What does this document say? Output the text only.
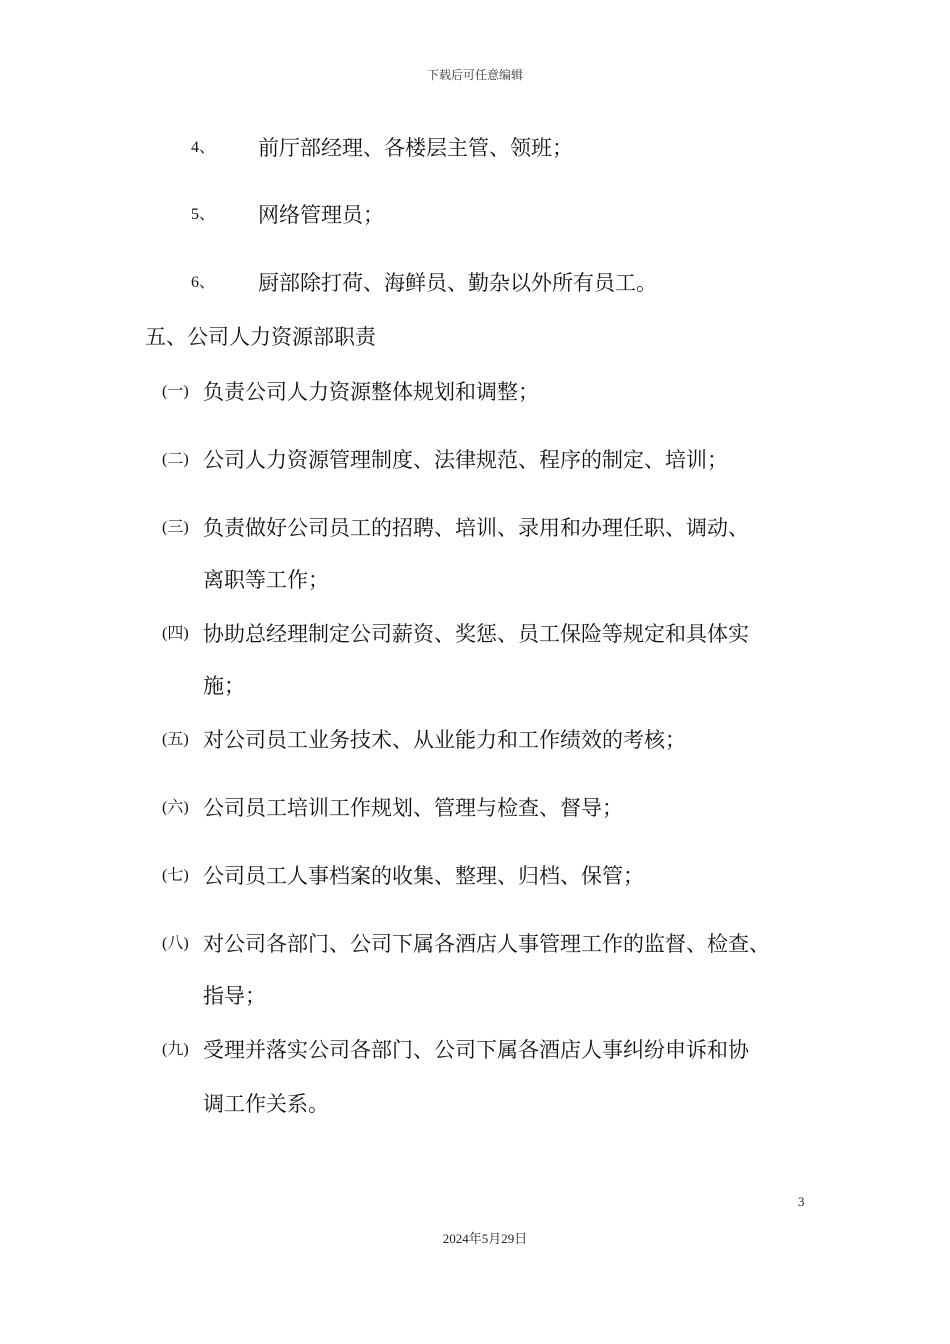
下载后可任意编辑
4、 前厅部经理、各楼层主管、领班；
5、 网络管理员；
6、 厨部除打荷、海鲜员、勤杂以外所有员工。
五、公司人力资源部职责
(一) 负责公司人力资源整体规划和调整；
(二) 公司人力资源管理制度、法律规范、程序的制定、培训；
(三) 负责做好公司员工的招聘、培训、录用和办理任职、调动、
离职等工作；
(四) 协助总经理制定公司薪资、奖惩、员工保险等规定和具体实
施；
(五) 对公司员工业务技术、从业能力和工作绩效的考核；
(六) 公司员工培训工作规划、管理与检查、督导；
(七) 公司员工人事档案的收集、整理、归档、保管；
(八) 对公司各部门、公司下属各酒店人事管理工作的监督、检查、
指导；
(九) 受理并落实公司各部门、公司下属各酒店人事纠纷申诉和协
调工作关系。
3
2024年5月29日
